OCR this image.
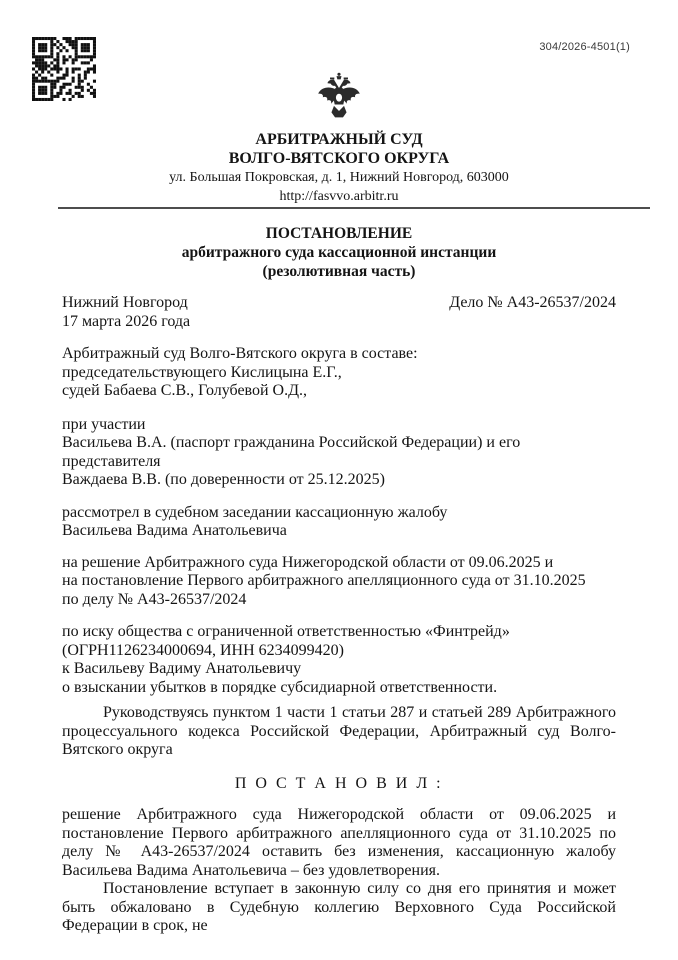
304/2026-4501(1)
АРБИТРАЖНЫЙ СУД
ВОЛГО-ВЯТСКОГО ОКРУГА
ул. Большая Покровская, д. 1, Нижний Новгород, 603000
http://fasvvo.arbitr.ru
ПОСТАНОВЛЕНИЕ
арбитражного суда кассационной инстанции
(резолютивная часть)
Нижний Новгород	Дело № А43-26537/2024
17 марта 2026 года
Арбитражный суд Волго-Вятского округа в составе:
председательствующего Кислицына Е.Г.,
судей Бабаева С.В., Голубевой О.Д.,
при участии
Васильева В.А. (паспорт гражданина Российской Федерации) и его представителя
Важдаева В.В. (по доверенности от 25.12.2025)
рассмотрел в судебном заседании кассационную жалобу
Васильева Вадима Анатольевича
на решение Арбитражного суда Нижегородской области от 09.06.2025 и
на постановление Первого арбитражного апелляционного суда от 31.10.2025
по делу № А43-26537/2024
по иску общества с ограниченной ответственностью «Финтрейд»
(ОГРН1126234000694, ИНН 6234099420)
к Васильеву Вадиму Анатольевичу
о взыскании убытков в порядке субсидиарной ответственности.
Руководствуясь пунктом 1 части 1 статьи 287 и статьей 289 Арбитражного процессуального кодекса Российской Федерации, Арбитражный суд Волго-Вятского округа
П О С Т А Н О В И Л :
решение Арбитражного суда Нижегородской области от 09.06.2025 и постановление Первого арбитражного апелляционного суда от 31.10.2025 по делу № А43-26537/2024 оставить без изменения, кассационную жалобу Васильева Вадима Анатольевича – без удовлетворения.
Постановление вступает в законную силу со дня его принятия и может быть обжаловано в Судебную коллегию Верховного Суда Российской Федерации в срок, не
